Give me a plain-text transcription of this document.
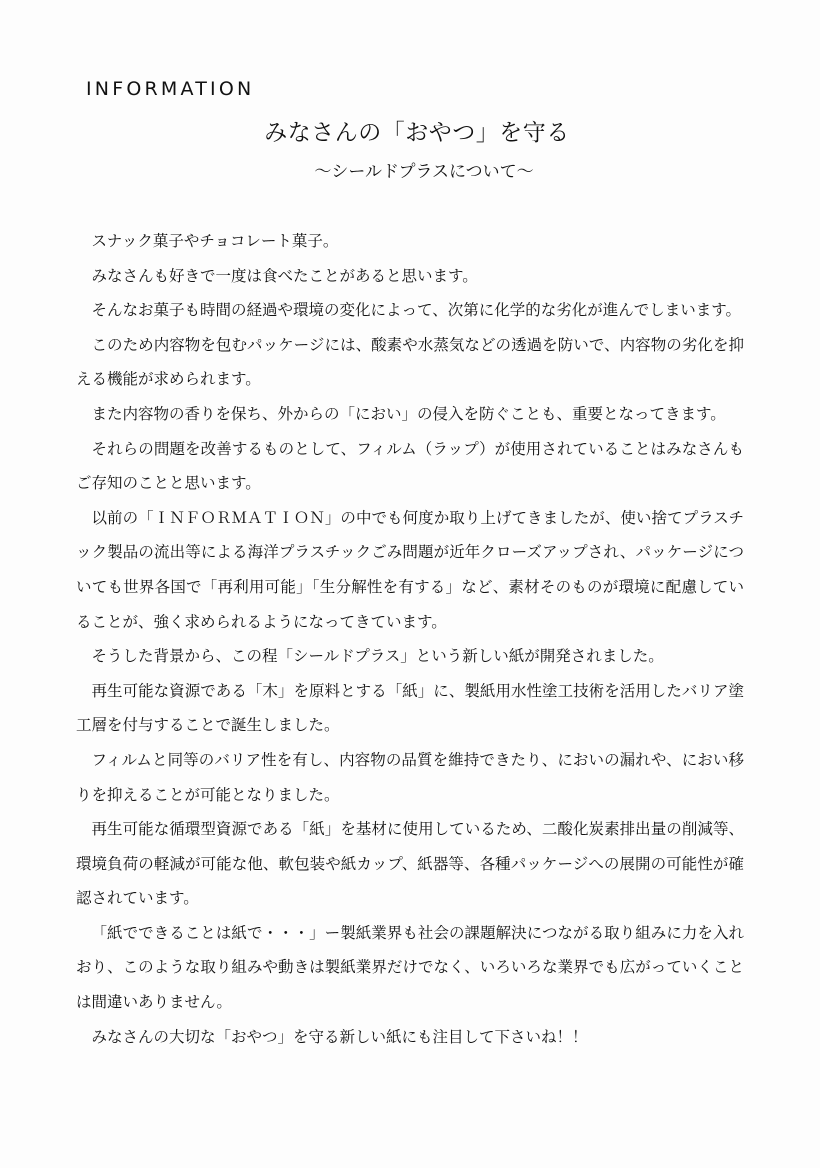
INFORMATION
みなさんの「おやつ」を守る
～シールドプラスについて～

スナック菓子やチョコレート菓子。

みなさんも好きで一度は食べたことがあると思います。

そんなお菓子も時間の経過や環境の変化によって、次第に化学的な劣化が進んでしまいます。

このため内容物を包むパッケージには、酸素や水蒸気などの透過を防いで、内容物の劣化を抑える機能が求められます。

また内容物の香りを保ち、外からの「におい」の侵入を防ぐことも、重要となってきます。

それらの問題を改善するものとして、フィルム（ラップ）が使用されていることはみなさんもご存知のことと思います。

以前の「ＩＮＦＯＲＭＡＴＩＯＮ」の中でも何度か取り上げてきましたが、使い捨てプラスチック製品の流出等による海洋プラスチックごみ問題が近年クローズアップされ、パッケージについても世界各国で「再利用可能」「生分解性を有する」など、素材そのものが環境に配慮していることが、強く求められるようになってきています。

そうした背景から、この程「シールドプラス」という新しい紙が開発されました。

再生可能な資源である「木」を原料とする「紙」に、製紙用水性塗工技術を活用したバリア塗工層を付与することで誕生しました。

フィルムと同等のバリア性を有し、内容物の品質を維持できたり、においの漏れや、におい移りを抑えることが可能となりました。

再生可能な循環型資源である「紙」を基材に使用しているため、二酸化炭素排出量の削減等、環境負荷の軽減が可能な他、軟包装や紙カップ、紙器等、各種パッケージへの展開の可能性が確認されています。

「紙でできることは紙で・・・」ー製紙業界も社会の課題解決につながる取り組みに力を入れおり、このような取り組みや動きは製紙業界だけでなく、いろいろな業界でも広がっていくことは間違いありません。

みなさんの大切な「おやつ」を守る新しい紙にも注目して下さいね！！
